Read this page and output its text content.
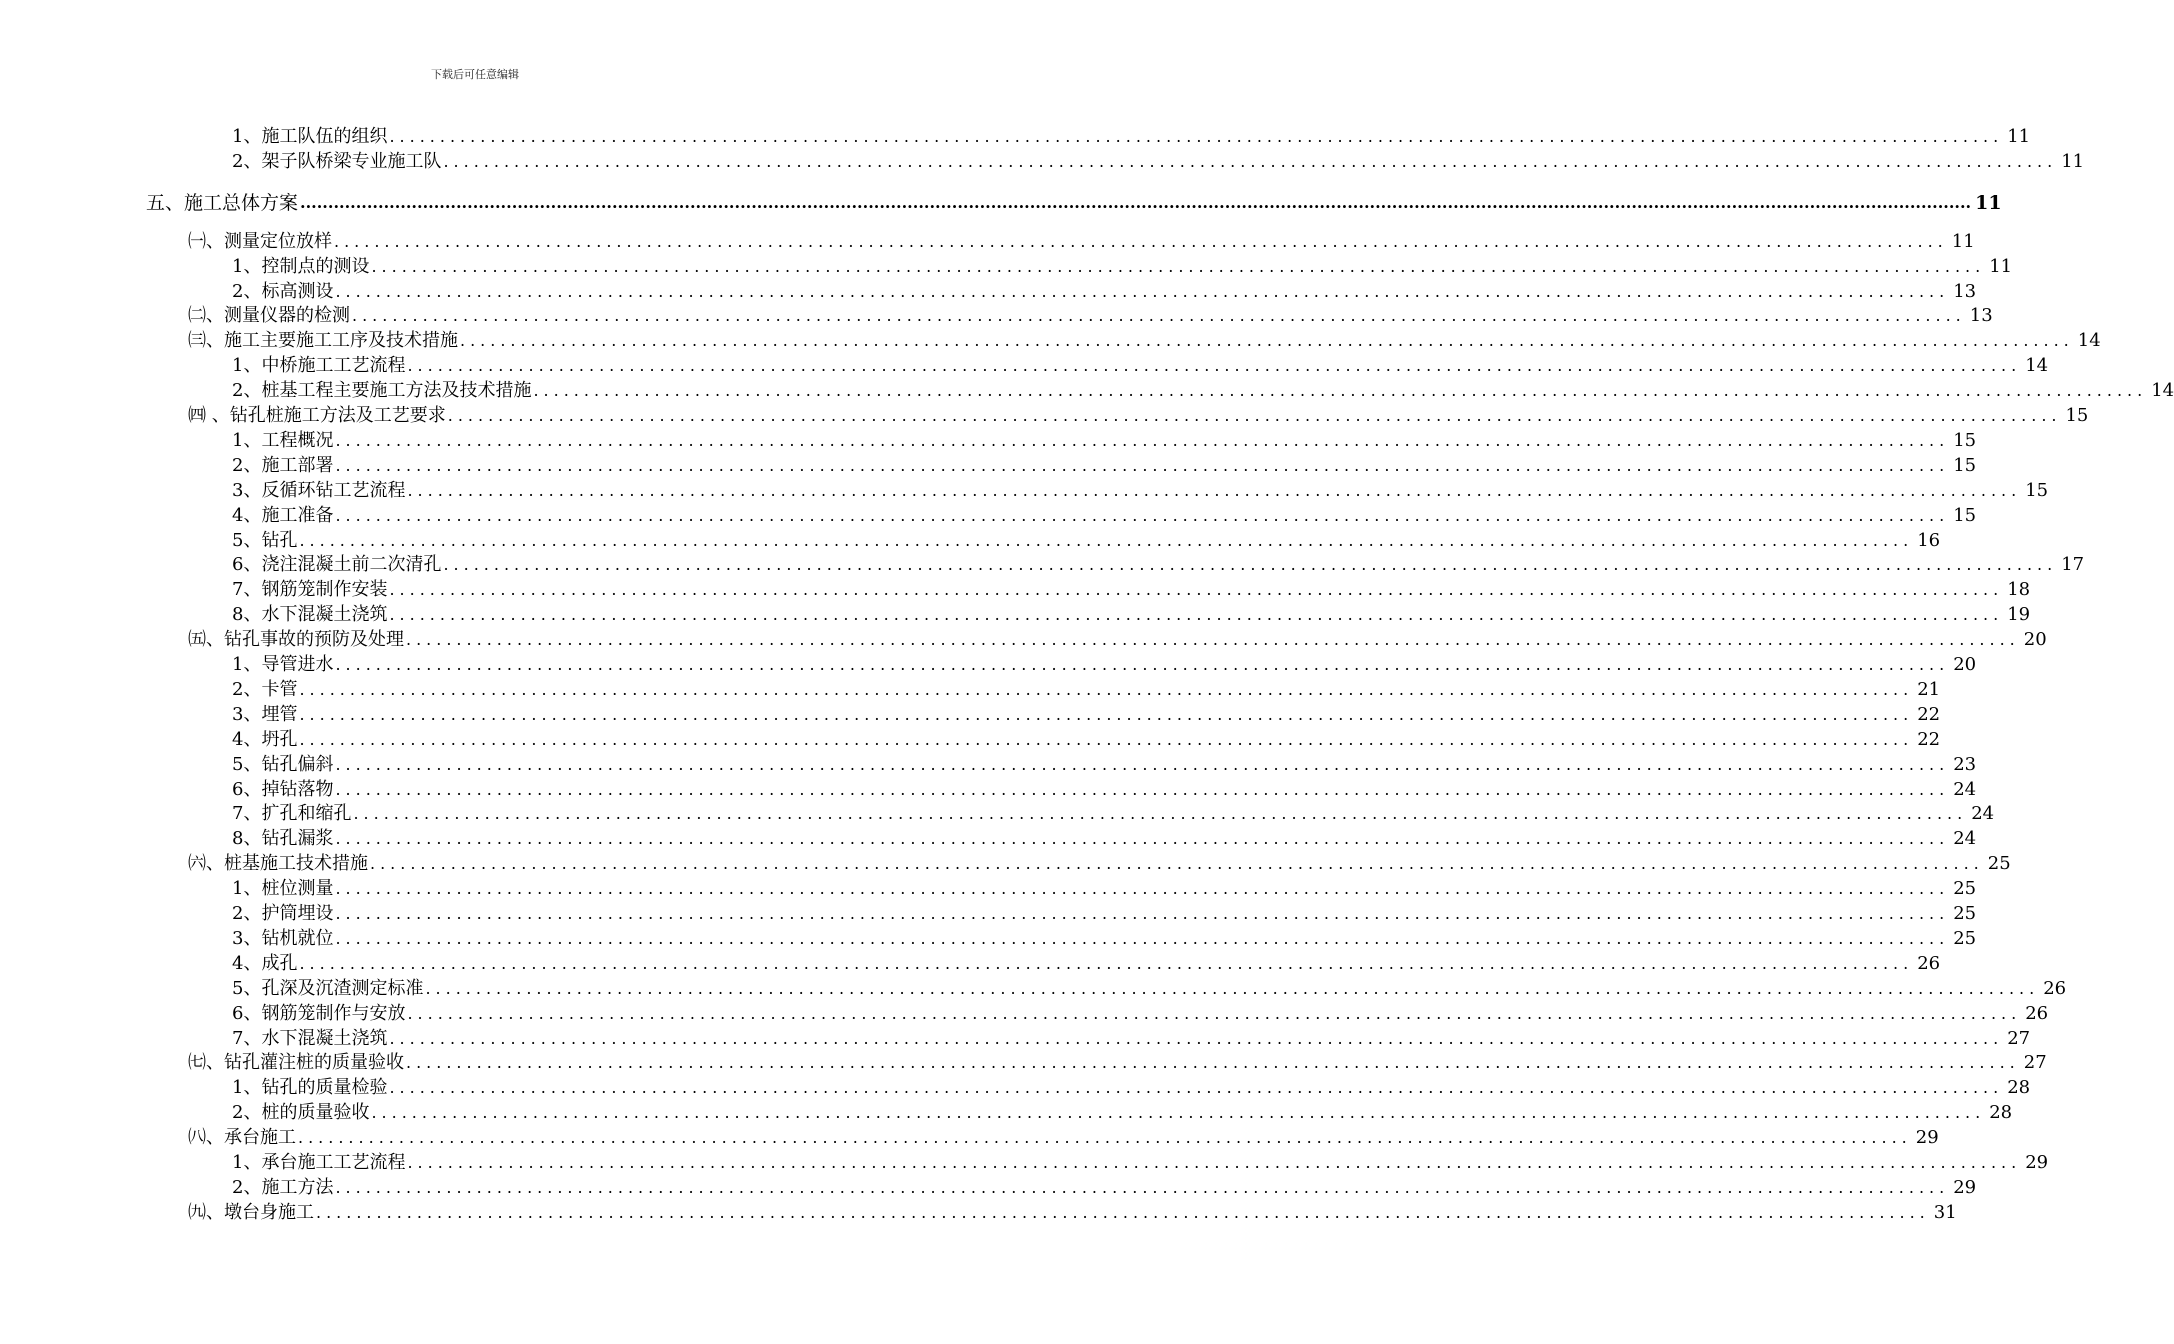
下载后可任意编辑
1、施工队伍的组织 ................................................................................................................................................................ 11
2、架子队桥梁专业施工队 ................................................................................................................................................................ 11
五、施工总体方案 ............................................................................................................................................................................................................................................................................................................ 11
㈠、测量定位放样 ................................................................................................................................................................ 11
1、控制点的测设 ................................................................................................................................................................ 11
2、标高测设 ................................................................................................................................................................ 13
㈡、测量仪器的检测 ................................................................................................................................................................ 13
㈢、施工主要施工工序及技术措施 ................................................................................................................................................................ 14
1、中桥施工工艺流程 ................................................................................................................................................................ 14
2、桩基工程主要施工方法及技术措施 ................................................................................................................................................................ 14
㈣ 、钻孔桩施工方法及工艺要求 ................................................................................................................................................................ 15
1、工程概况 ................................................................................................................................................................ 15
2、施工部署 ................................................................................................................................................................ 15
3、反循环钻工艺流程 ................................................................................................................................................................ 15
4、施工准备 ................................................................................................................................................................ 15
5、钻孔 ................................................................................................................................................................ 16
6、浇注混凝土前二次清孔 ................................................................................................................................................................ 17
7、钢筋笼制作安装 ................................................................................................................................................................ 18
8、水下混凝土浇筑 ................................................................................................................................................................ 19
㈤、钻孔事故的预防及处理 ................................................................................................................................................................ 20
1、导管进水 ................................................................................................................................................................ 20
2、卡管 ................................................................................................................................................................ 21
3、埋管 ................................................................................................................................................................ 22
4、坍孔 ................................................................................................................................................................ 22
5、钻孔偏斜 ................................................................................................................................................................ 23
6、掉钻落物 ................................................................................................................................................................ 24
7、扩孔和缩孔 ................................................................................................................................................................ 24
8、钻孔漏浆 ................................................................................................................................................................ 24
㈥、桩基施工技术措施 ................................................................................................................................................................ 25
1、桩位测量 ................................................................................................................................................................ 25
2、护筒埋设 ................................................................................................................................................................ 25
3、钻机就位 ................................................................................................................................................................ 25
4、成孔 ................................................................................................................................................................ 26
5、孔深及沉渣测定标准 ................................................................................................................................................................ 26
6、钢筋笼制作与安放 ................................................................................................................................................................ 26
7、水下混凝土浇筑 ................................................................................................................................................................ 27
㈦、钻孔灌注桩的质量验收 ................................................................................................................................................................ 27
1、钻孔的质量检验 ................................................................................................................................................................ 28
2、桩的质量验收 ................................................................................................................................................................ 28
㈧、承台施工 ................................................................................................................................................................ 29
1、承台施工工艺流程 ................................................................................................................................................................ 29
2、施工方法 ................................................................................................................................................................ 29
㈨、墩台身施工 ................................................................................................................................................................ 31
